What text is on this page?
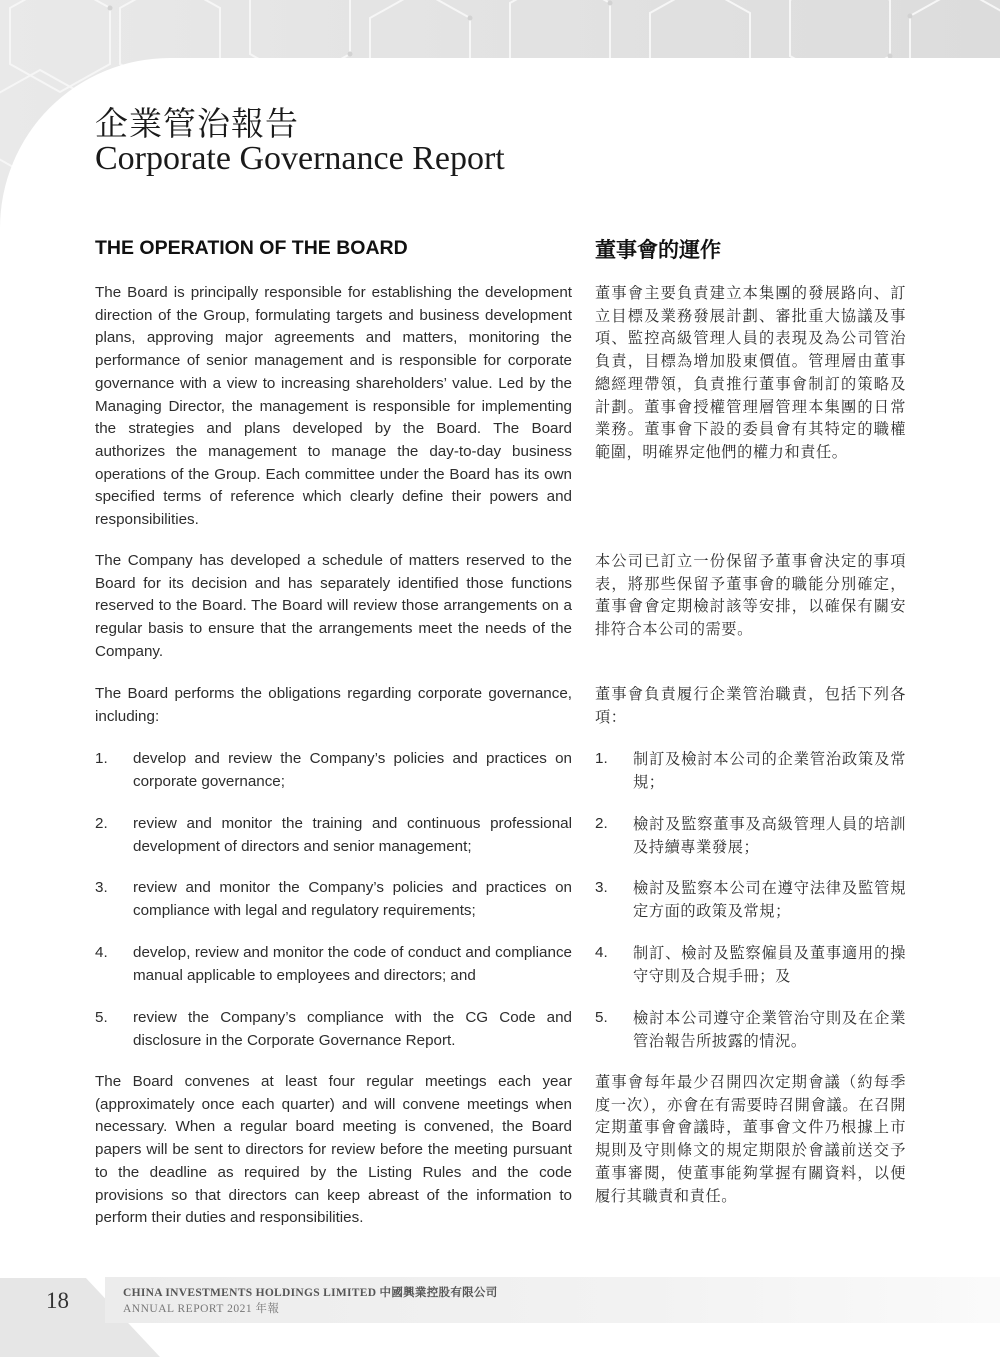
企業管治報告
Corporate Governance Report
THE OPERATION OF THE BOARD

The Board is principally responsible for establishing the development direction of the Group, formulating targets and business development plans, approving major agreements and matters, monitoring the performance of senior management and is responsible for corporate governance with a view to increasing shareholders’ value. Led by the Managing Director, the management is responsible for implementing the strategies and plans developed by the Board. The Board authorizes the management to manage the day-to-day business operations of the Group. Each committee under the Board has its own specified terms of reference which clearly define their powers and responsibilities.

The Company has developed a schedule of matters reserved to the Board for its decision and has separately identified those functions reserved to the Board. The Board will review those arrangements on a regular basis to ensure that the arrangements meet the needs of the Company.

The Board performs the obligations regarding corporate governance, including:

1. develop and review the Company’s policies and practices on corporate governance;

2. review and monitor the training and continuous professional development of directors and senior management;

3. review and monitor the Company’s policies and practices on compliance with legal and regulatory requirements;

4. develop, review and monitor the code of conduct and compliance manual applicable to employees and directors; and

5. review the Company’s compliance with the CG Code and disclosure in the Corporate Governance Report.

The Board convenes at least four regular meetings each year (approximately once each quarter) and will convene meetings when necessary. When a regular board meeting is convened, the Board papers will be sent to directors for review before the meeting pursuant to the deadline as required by the Listing Rules and the code provisions so that directors can keep abreast of the information to perform their duties and responsibilities.

董事會的運作

董事會主要負責建立本集團的發展路向、訂立目標及業務發展計劃、審批重大協議及事項、監控高級管理人員的表現及為公司管治負責，目標為增加股東價值。管理層由董事總經理帶領，負責推行董事會制訂的策略及計劃。董事會授權管理層管理本集團的日常業務。董事會下設的委員會有其特定的職權範圍，明確界定他們的權力和責任。

本公司已訂立一份保留予董事會決定的事項表，將那些保留予董事會的職能分別確定，董事會會定期檢討該等安排，以確保有關安排符合本公司的需要。

董事會負責履行企業管治職責，包括下列各項：

1. 制訂及檢討本公司的企業管治政策及常規；

2. 檢討及監察董事及高級管理人員的培訓及持續專業發展；

3. 檢討及監察本公司在遵守法律及監管規定方面的政策及常規；

4. 制訂、檢討及監察僱員及董事適用的操守守則及合規手冊；及

5. 檢討本公司遵守企業管治守則及在企業管治報告所披露的情況。

董事會每年最少召開四次定期會議（約每季度一次），亦會在有需要時召開會議。在召開定期董事會會議時，董事會文件乃根據上市規則及守則條文的規定期限於會議前送交予董事審閱，使董事能夠掌握有關資料，以便履行其職責和責任。

18	CHINA INVESTMENTS HOLDINGS LIMITED 中國興業控股有限公司

ANNUAL REPORT 2021 年報
